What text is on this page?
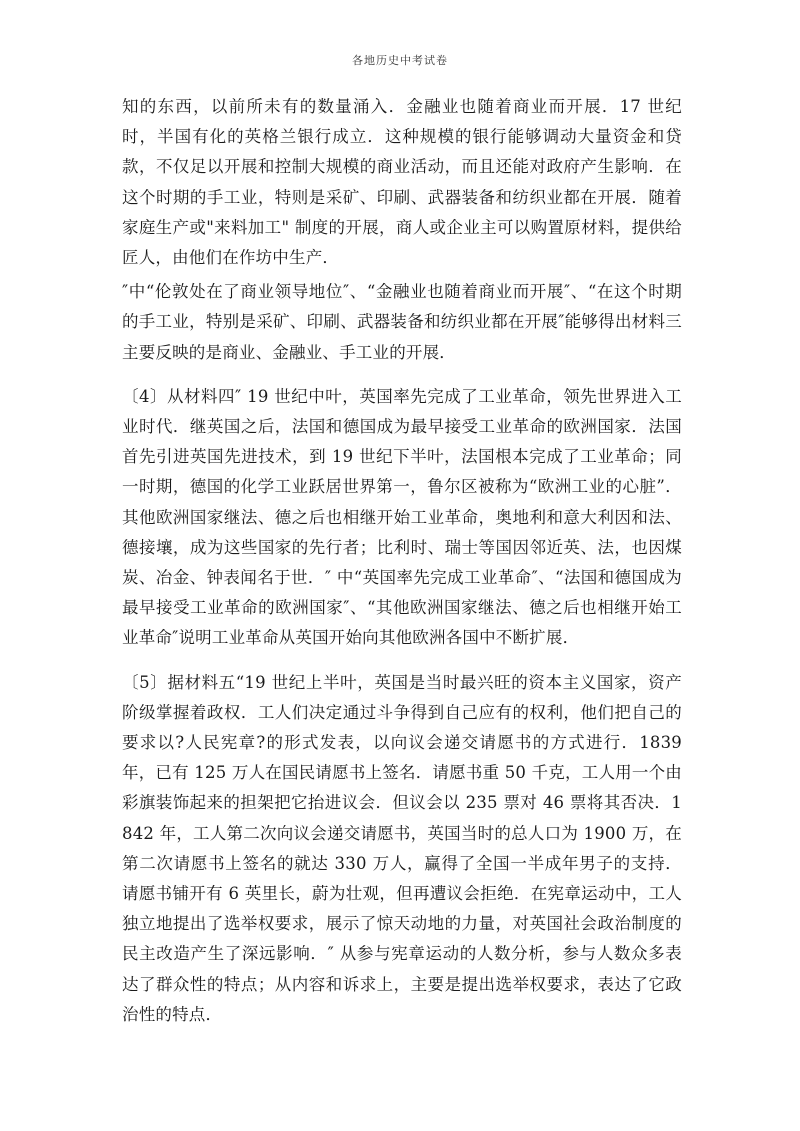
各地历史中考试卷

知的东西，以前所未有的数量涌入．金融业也随着商业而开展．17 世纪时，半国有化的英格兰银行成立．这种规模的银行能够调动大量资金和贷款，不仅足以开展和控制大规模的商业活动，而且还能对政府产生影响．在这个时期的手工业，特则是采矿、印刷、武器装备和纺织业都在开展．随着家庭生产或"来料加工" 制度的开展，商人或企业主可以购置原材料，提供给匠人，由他们在作坊中生产．

″中“伦敦处在了商业领导地位″、“金融业也随着商业而开展″、“在这个时期的手工业，特别是采矿、印刷、武器装备和纺织业都在开展″能够得出材料三主要反映的是商业、金融业、手工业的开展．

〔4〕从材料四″ 19 世纪中叶，英国率先完成了工业革命，领先世界进入工业时代．继英国之后，法国和德国成为最早接受工业革命的欧洲国家．法国首先引进英国先进技术，到 19 世纪下半叶，法国根本完成了工业革命；同一时期，德国的化学工业跃居世界第一，鲁尔区被称为“欧洲工业的心脏”．其他欧洲国家继法、德之后也相继开始工业革命，奥地利和意大利因和法、德接壤，成为这些国家的先行者；比利时、瑞士等国因邻近英、法，也因煤炭、冶金、钟表闻名于世．″ 中“英国率先完成工业革命″、“法国和德国成为最早接受工业革命的欧洲国家″、“其他欧洲国家继法、德之后也相继开始工业革命″说明工业革命从英国开始向其他欧洲各国中不断扩展．

〔5〕据材料五“19 世纪上半叶，英国是当时最兴旺的资本主义国家，资产阶级掌握着政权．工人们决定通过斗争得到自己应有的权利，他们把自己的要求以?人民宪章?的形式发表，以向议会递交请愿书的方式进行．1839 年，已有 125 万人在国民请愿书上签名．请愿书重 50 千克，工人用一个由彩旗装饰起来的担架把它抬进议会．但议会以 235 票对 46 票将其否决．1842 年，工人第二次向议会递交请愿书，英国当时的总人口为 1900 万，在第二次请愿书上签名的就达 330 万人，赢得了全国一半成年男子的支持．请愿书铺开有 6 英里长，蔚为壮观，但再遭议会拒绝．在宪章运动中，工人独立地提出了选举权要求，展示了惊天动地的力量，对英国社会政治制度的民主改造产生了深远影响．″ 从参与宪章运动的人数分析，参与人数众多表达了群众性的特点；从内容和诉求上，主要是提出选举权要求，表达了它政治性的特点．
